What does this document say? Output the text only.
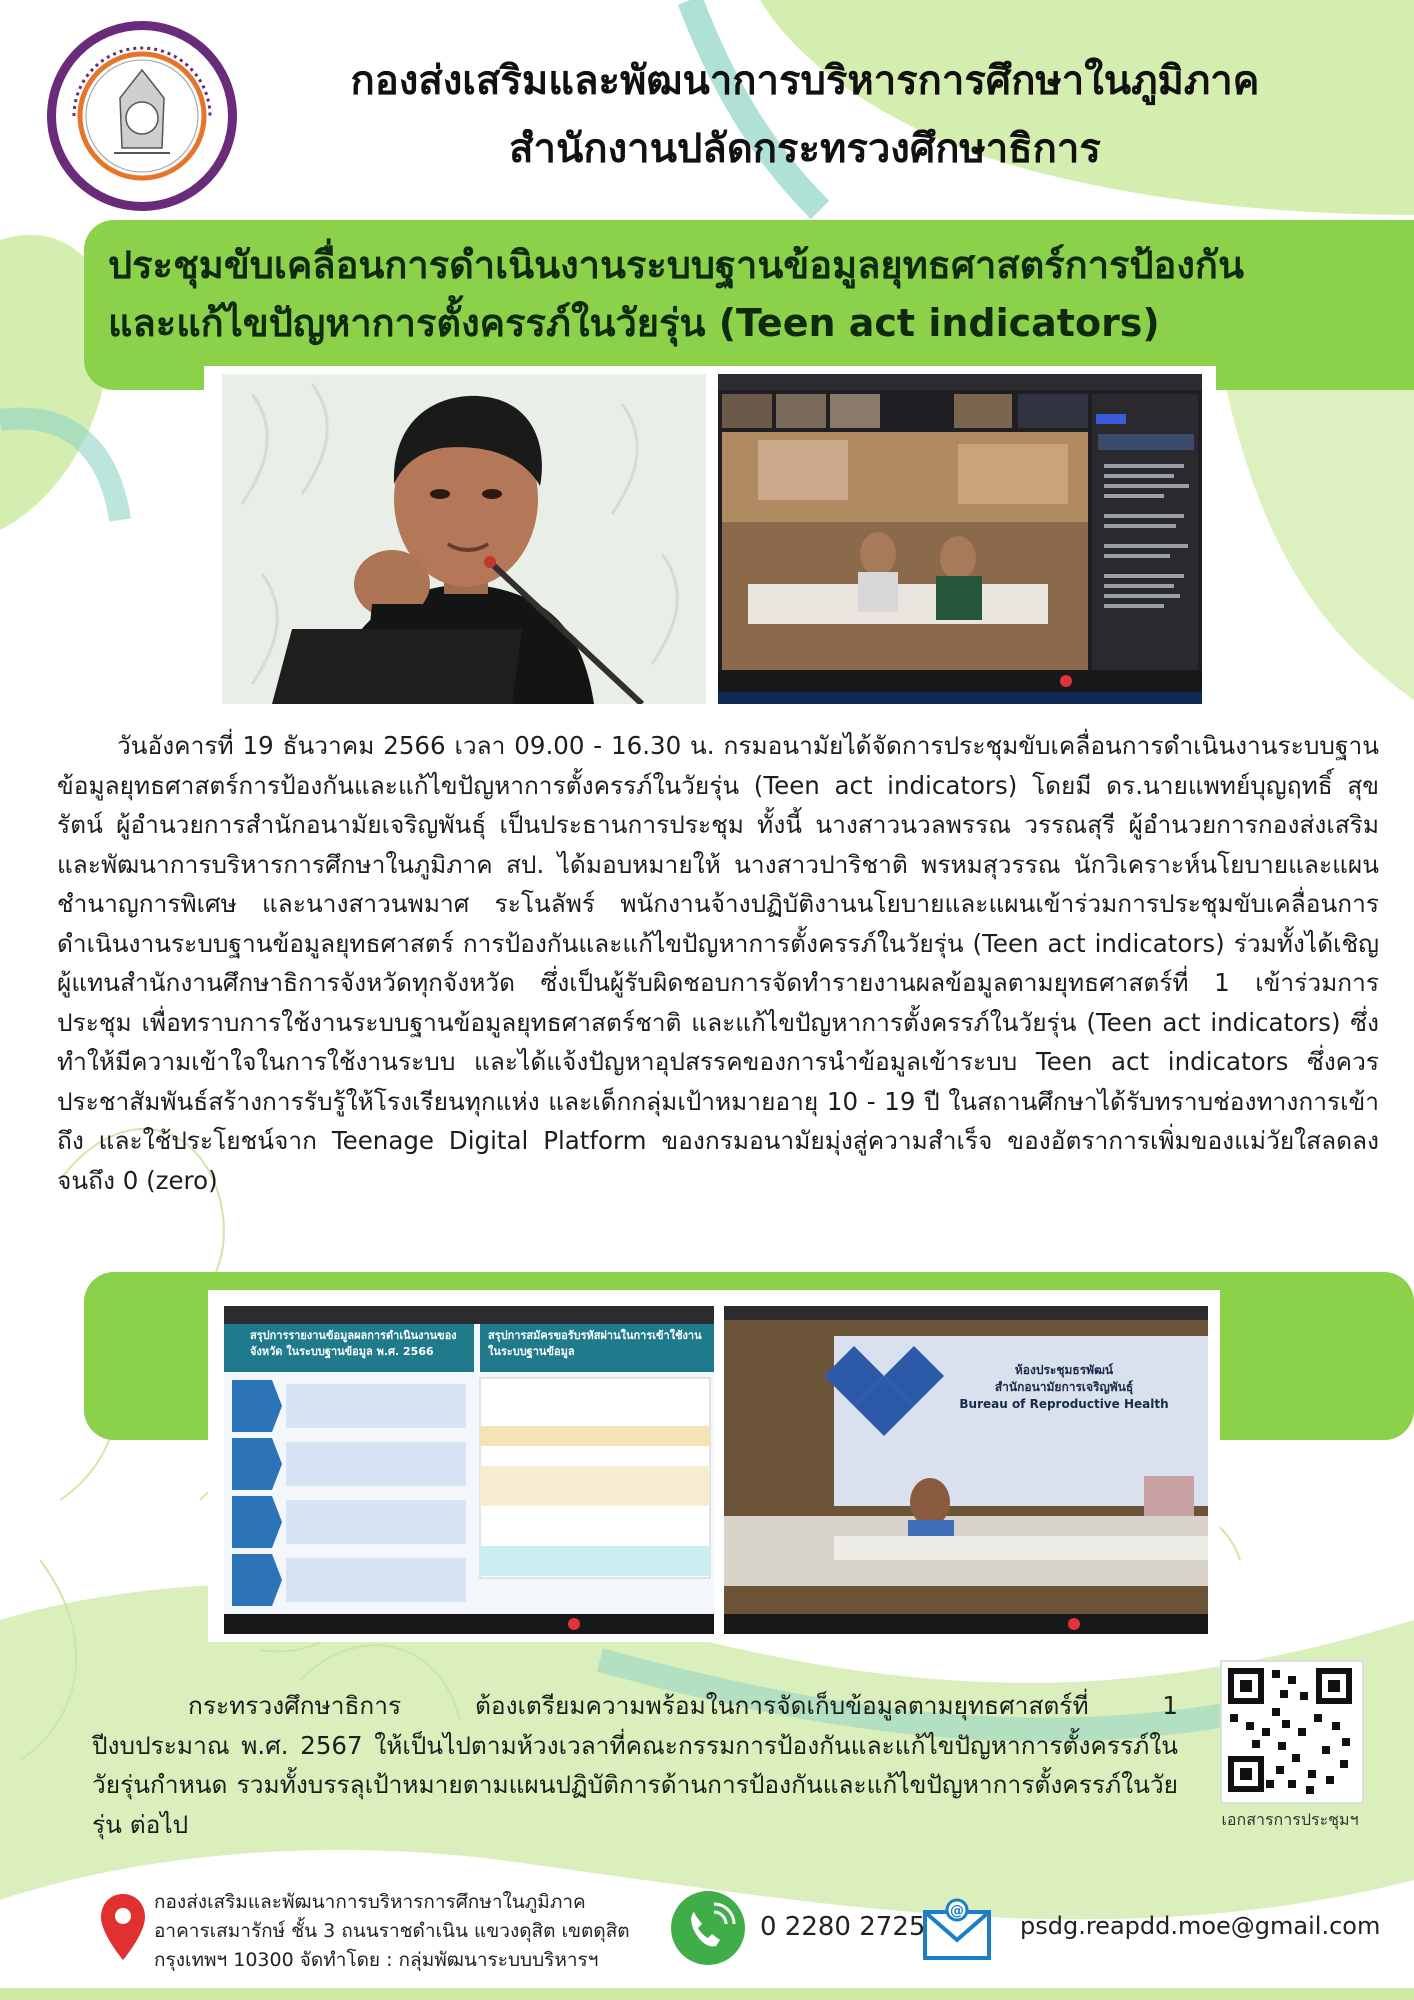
กองส่งเสริมและพัฒนาการบริหารการศึกษาในภูมิภาค
สำนักงานปลัดกระทรวงศึกษาธิการ
ประชุมขับเคลื่อนการดำเนินงานระบบฐานข้อมูลยุทธศาสตร์การป้องกัน
และแก้ไขปัญหาการตั้งครรภ์ในวัยรุ่น (Teen act indicators)

วันอังคารที่ 19 ธันวาคม 2566 เวลา 09.00 - 16.30 น. กรมอนามัยได้จัดการประชุมขับเคลื่อนการดำเนินงานระบบฐานข้อมูลยุทธศาสตร์การป้องกันและแก้ไขปัญหาการตั้งครรภ์ในวัยรุ่น (Teen act indicators) โดยมี ดร.นายแพทย์บุญฤทธิ์ สุขรัตน์ ผู้อำนวยการสำนักอนามัยเจริญพันธุ์ เป็นประธานการประชุม ทั้งนี้ นางสาวนวลพรรณ วรรณสุรี ผู้อำนวยการกองส่งเสริมและพัฒนาการบริหารการศึกษาในภูมิภาค สป. ได้มอบหมายให้ นางสาวปาริชาติ พรหมสุวรรณ นักวิเคราะห์นโยบายและแผนชำนาญการพิเศษ และนางสาวนพมาศ ระโนลัพร์ พนักงานจ้างปฏิบัติงานนโยบายและแผนเข้าร่วมการประชุมขับเคลื่อนการดำเนินงานระบบฐานข้อมูลยุทธศาสตร์ การป้องกันและแก้ไขปัญหาการตั้งครรภ์ในวัยรุ่น (Teen act indicators) ร่วมทั้งได้เชิญผู้แทนสำนักงานศึกษาธิการจังหวัดทุกจังหวัด ซึ่งเป็นผู้รับผิดชอบการจัดทำรายงานผลข้อมูลตามยุทธศาสตร์ที่ 1 เข้าร่วมการประชุม เพื่อทราบการใช้งานระบบฐานข้อมูลยุทธศาสตร์ชาติ และแก้ไขปัญหาการตั้งครรภ์ในวัยรุ่น (Teen act indicators) ซึ่งทำให้มีความเข้าใจในการใช้งานระบบ และได้แจ้งปัญหาอุปสรรคของการนำข้อมูลเข้าระบบ Teen act indicators ซึ่งควรประชาสัมพันธ์สร้างการรับรู้ให้โรงเรียนทุกแห่ง และเด็กกลุ่มเป้าหมายอายุ 10 - 19 ปี ในสถานศึกษาได้รับทราบช่องทางการเข้าถึง และใช้ประโยชน์จาก Teenage Digital Platform ของกรมอนามัยมุ่งสู่ความสำเร็จ ของอัตราการเพิ่มของแม่วัยใสลดลงจนถึง 0 (zero)

สรุปการรายงานข้อมูลผลการดำเนินงานของจังหวัด ในระบบฐานข้อมูล พ.ศ. 2566
สรุปการสมัครขอรับรหัสผ่านในการเข้าใช้งาน ในระบบฐานข้อมูล
ห้องประชุมธรพัฒน์
สำนักอนามัยการเจริญพันธุ์
Bureau of Reproductive Health

กระทรวงศึกษาธิการ ต้องเตรียมความพร้อมในการจัดเก็บข้อมูลตามยุทธศาสตร์ที่ 1 ปีงบประมาณ พ.ศ. 2567 ให้เป็นไปตามห้วงเวลาที่คณะกรรมการป้องกันและแก้ไขปัญหาการตั้งครรภ์ในวัยรุ่นกำหนด รวมทั้งบรรลุเป้าหมายตามแผนปฏิบัติการด้านการป้องกันและแก้ไขปัญหาการตั้งครรภ์ในวัยรุ่น ต่อไป	เอกสารการประชุมฯ
กองส่งเสริมและพัฒนาการบริหารการศึกษาในภูมิภาค
อาคารเสมารักษ์ ชั้น 3 ถนนราชดำเนิน แขวงดุสิต เขตดุสิต
กรุงเทพฯ 10300 จัดทำโดย : กลุ่มพัฒนาระบบบริหารฯ
0 2280 2725
@
psdg.reapdd.moe@gmail.com
